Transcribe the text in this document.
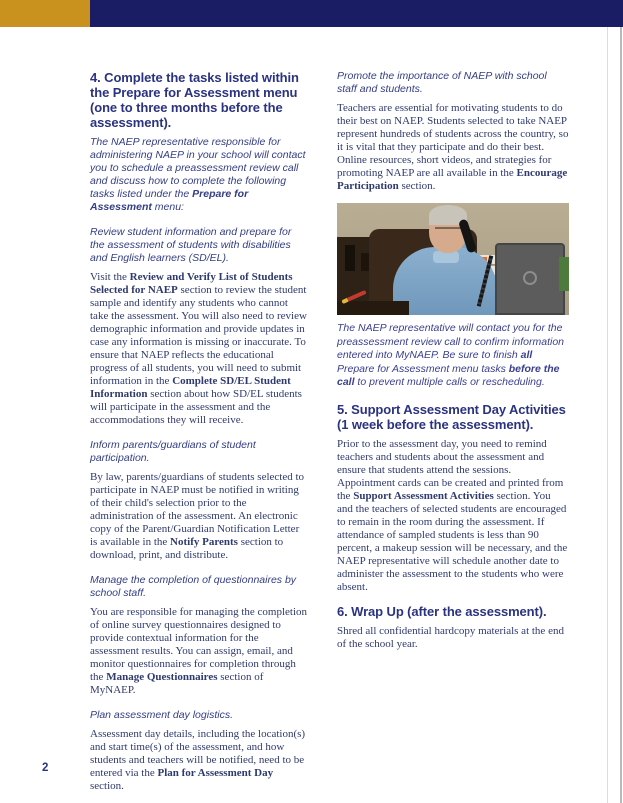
4. Complete the tasks listed within the Prepare for Assessment menu (one to three months before the assessment).

The NAEP representative responsible for administering NAEP in your school will contact you to schedule a preassessment review call and discuss how to complete the following tasks listed under the Prepare for Assessment menu:

Review student information and prepare for the assessment of students with disabilities and English learners (SD/EL).

Visit the Review and Verify List of Students Selected for NAEP section to review the student sample and identify any students who cannot take the assessment. You will also need to review demographic information and provide updates in case any information is missing or inaccurate. To ensure that NAEP reflects the educational progress of all students, you will need to submit information in the Complete SD/EL Student Information section about how SD/EL students will participate in the assessment and the accommodations they will receive.

Inform parents/guardians of student participation.

By law, parents/guardians of students selected to participate in NAEP must be notified in writing of their child's selection prior to the administration of the assessment. An electronic copy of the Parent/Guardian Notification Letter is available in the Notify Parents section to download, print, and distribute.

Manage the completion of questionnaires by school staff.

You are responsible for managing the completion of online survey questionnaires designed to provide contextual information for the assessment results. You can assign, email, and monitor questionnaires for completion through the Manage Questionnaires section of MyNAEP.

Plan assessment day logistics.

Assessment day details, including the location(s) and start time(s) of the assessment, and how students and teachers will be notified, need to be entered via the Plan for Assessment Day section.

Promote the importance of NAEP with school staff and students.

Teachers are essential for motivating students to do their best on NAEP. Students selected to take NAEP represent hundreds of students across the country, so it is vital that they participate and do their best. Online resources, short videos, and strategies for promoting NAEP are all available in the Encourage Participation section.

The NAEP representative will contact you for the preassessment review call to confirm information entered into MyNAEP. Be sure to finish all Prepare for Assessment menu tasks before the call to prevent multiple calls or rescheduling.

5. Support Assessment Day Activities (1 week before the assessment).

Prior to the assessment day, you need to remind teachers and students about the assessment and ensure that students attend the sessions. Appointment cards can be created and printed from the Support Assessment Activities section. You and the teachers of selected students are encouraged to remain in the room during the assessment. If attendance of sampled students is less than 90 percent, a makeup session will be necessary, and the NAEP representative will schedule another date to administer the assessment to the students who were absent.

6. Wrap Up (after the assessment).

Shred all confidential hardcopy materials at the end of the school year.

2
